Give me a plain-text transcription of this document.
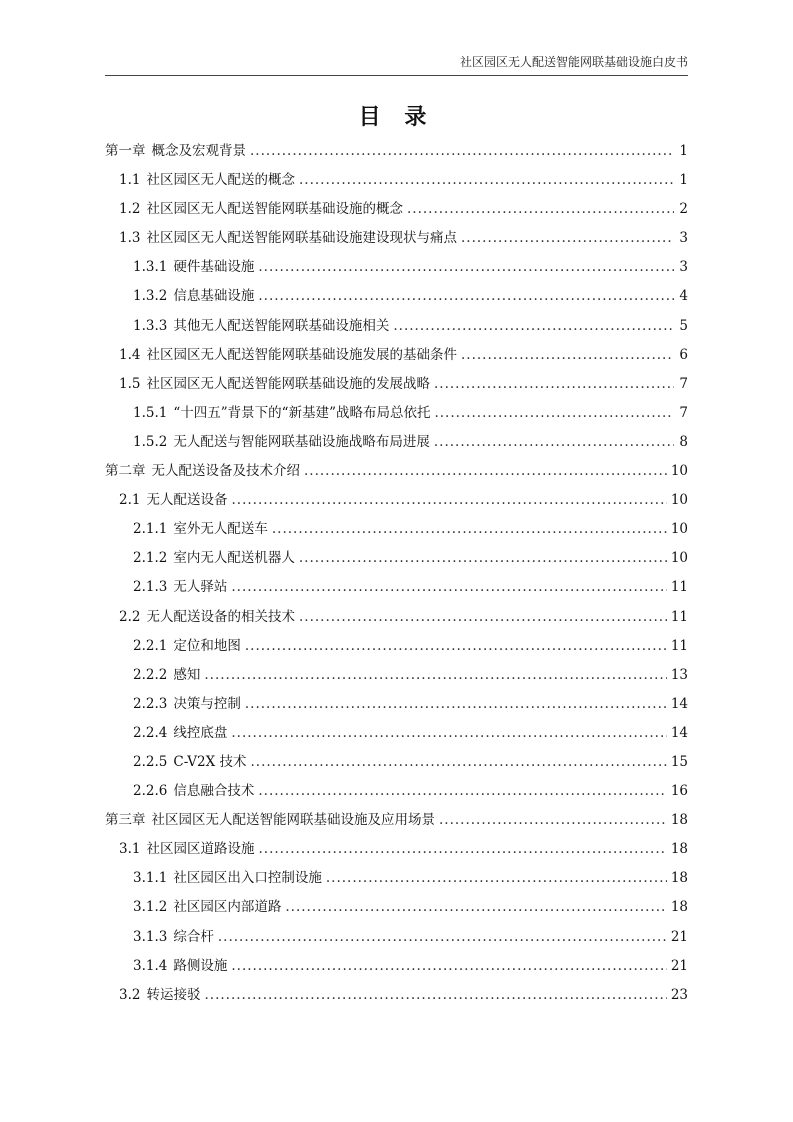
社区园区无人配送智能网联基础设施白皮书
目 录
第一章 概念及宏观背景 .....	1
1.1 社区园区无人配送的概念 .....	1
1.2 社区园区无人配送智能网联基础设施的概念 .....	2
1.3 社区园区无人配送智能网联基础设施建设现状与痛点 .....	3
1.3.1 硬件基础设施 .....	3
1.3.2 信息基础设施 .....	4
1.3.3 其他无人配送智能网联基础设施相关 .....	5
1.4 社区园区无人配送智能网联基础设施发展的基础条件 .....	6
1.5 社区园区无人配送智能网联基础设施的发展战略 .....	7
1.5.1 “十四五”背景下的“新基建”战略布局总依托 .....	7
1.5.2 无人配送与智能网联基础设施战略布局进展 .....	8
第二章 无人配送设备及技术介绍 .....	10
2.1 无人配送设备 .....	10
2.1.1 室外无人配送车 .....	10
2.1.2 室内无人配送机器人 .....	10
2.1.3 无人驿站 .....	11
2.2 无人配送设备的相关技术 .....	11
2.2.1 定位和地图 .....	11
2.2.2 感知 .....	13
2.2.3 决策与控制 .....	14
2.2.4 线控底盘 .....	14
2.2.5 C-V2X 技术 .....	15
2.2.6 信息融合技术 .....	16
第三章 社区园区无人配送智能网联基础设施及应用场景 .....	18
3.1 社区园区道路设施 .....	18
3.1.1 社区园区出入口控制设施 .....	18
3.1.2 社区园区内部道路 .....	18
3.1.3 综合杆 .....	21
3.1.4 路侧设施 .....	21
3.2 转运接驳 .....	23
